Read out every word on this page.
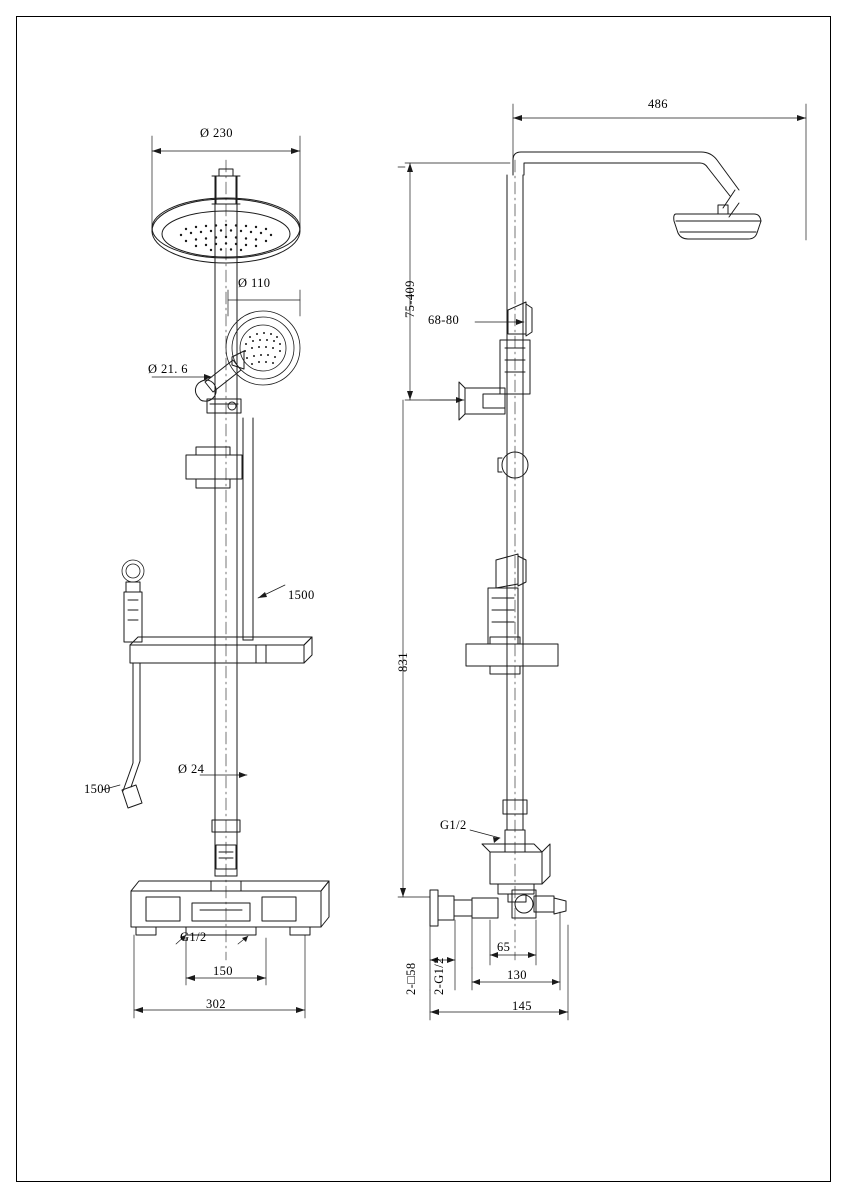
Ø 230
Ø 110
Ø 21. 6
1500
1500
Ø 24
G1/2
150
302
486
75-409
68-80
831
G1/2
2-□58 2-G1/2
65
130
145
